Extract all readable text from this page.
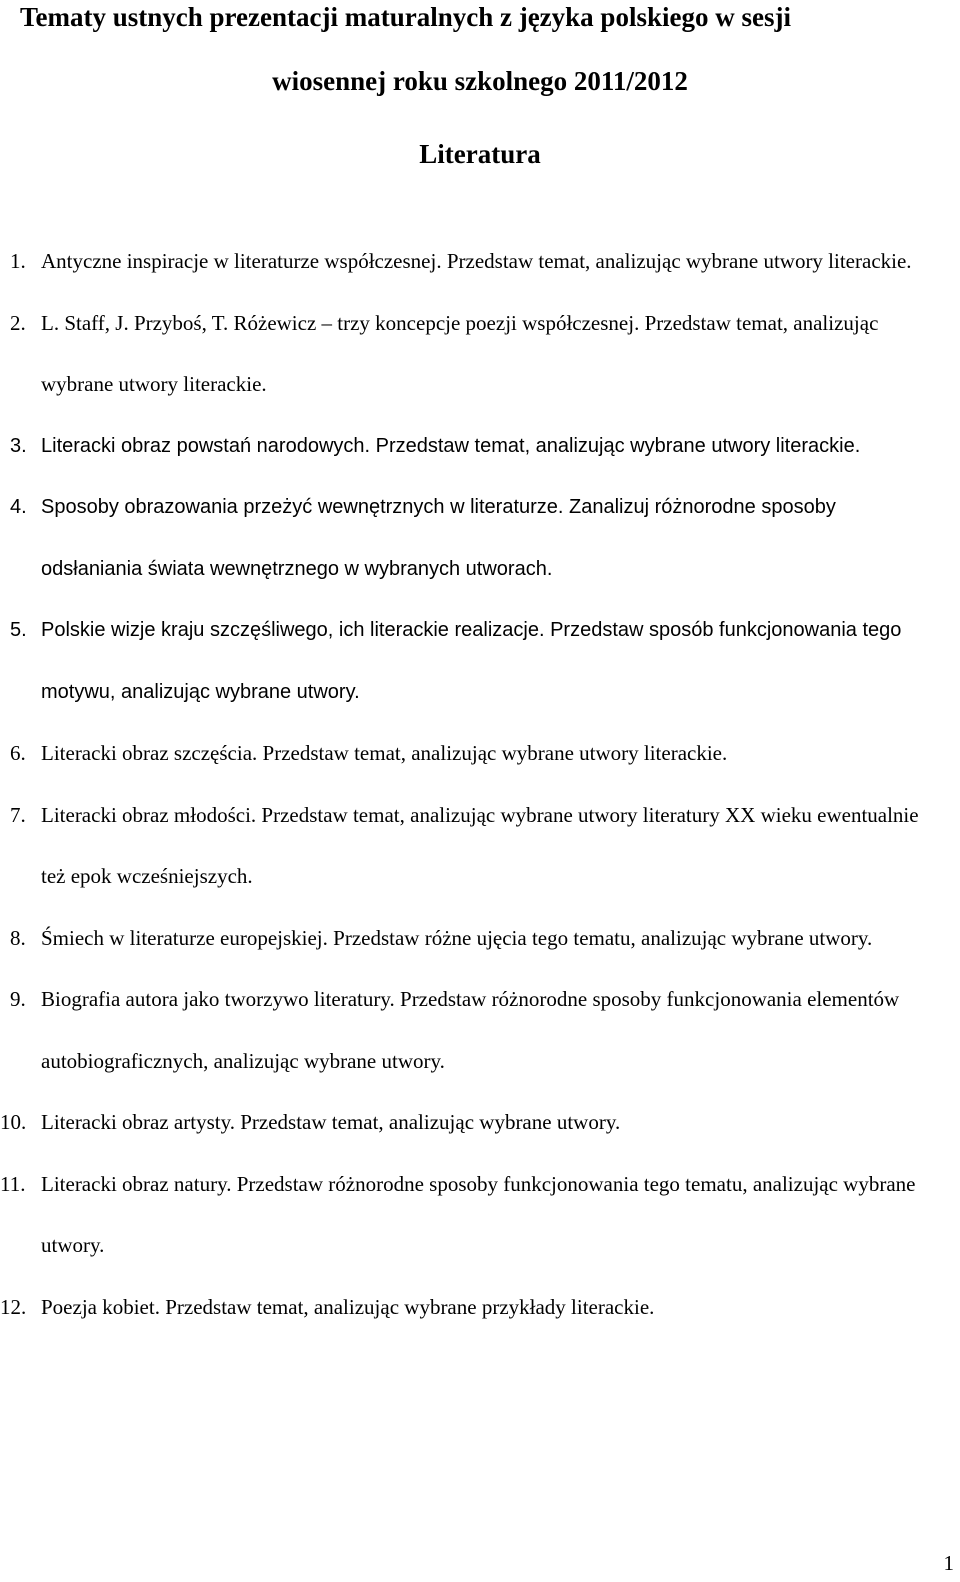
Tematy ustnych prezentacji maturalnych z języka polskiego w sesji
wiosennej roku szkolnego 2011/2012
Literatura
1. Antyczne inspiracje w literaturze współczesnej. Przedstaw temat, analizując wybrane utwory literackie.
2. L. Staff, J. Przyboś, T. Różewicz – trzy koncepcje poezji współczesnej. Przedstaw temat, analizując wybrane utwory literackie.
3. Literacki obraz powstań narodowych. Przedstaw temat, analizując wybrane utwory literackie.
4. Sposoby obrazowania przeżyć wewnętrznych w literaturze. Zanalizuj różnorodne sposoby odsłaniania świata wewnętrznego w wybranych utworach.
5. Polskie wizje kraju szczęśliwego, ich literackie realizacje. Przedstaw sposób funkcjonowania tego motywu, analizując wybrane utwory.
6. Literacki obraz szczęścia. Przedstaw temat, analizując wybrane utwory literackie.
7. Literacki obraz młodości. Przedstaw temat, analizując wybrane utwory literatury XX wieku ewentualnie też epok wcześniejszych.
8. Śmiech w literaturze europejskiej. Przedstaw różne ujęcia tego tematu, analizując wybrane utwory.
9. Biografia autora jako tworzywo literatury. Przedstaw różnorodne sposoby funkcjonowania elementów autobiograficznych, analizując wybrane utwory.
10. Literacki obraz artysty. Przedstaw temat, analizując wybrane utwory.
11. Literacki obraz natury. Przedstaw różnorodne sposoby funkcjonowania tego tematu, analizując wybrane utwory.
12. Poezja kobiet. Przedstaw temat, analizując wybrane przykłady literackie.
1
